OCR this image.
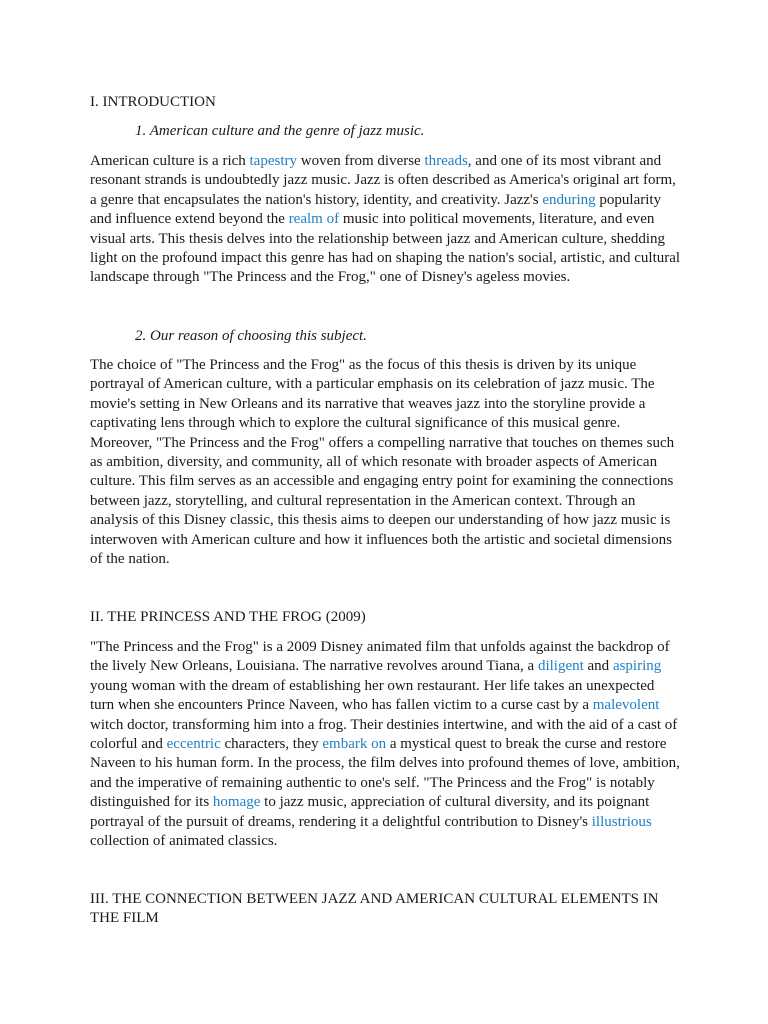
I. INTRODUCTION

1. American culture and the genre of jazz music.

American culture is a rich tapestry woven from diverse threads, and one of its most vibrant and resonant strands is undoubtedly jazz music. Jazz is often described as America's original art form, a genre that encapsulates the nation's history, identity, and creativity. Jazz's enduring popularity and influence extend beyond the realm of music into political movements, literature, and even visual arts. This thesis delves into the relationship between jazz and American culture, shedding light on the profound impact this genre has had on shaping the nation's social, artistic, and cultural landscape through "The Princess and the Frog," one of Disney's ageless movies.

2. Our reason of choosing this subject.

The choice of "The Princess and the Frog" as the focus of this thesis is driven by its unique portrayal of American culture, with a particular emphasis on its celebration of jazz music. The movie's setting in New Orleans and its narrative that weaves jazz into the storyline provide a captivating lens through which to explore the cultural significance of this musical genre. Moreover, "The Princess and the Frog" offers a compelling narrative that touches on themes such as ambition, diversity, and community, all of which resonate with broader aspects of American culture. This film serves as an accessible and engaging entry point for examining the connections between jazz, storytelling, and cultural representation in the American context. Through an analysis of this Disney classic, this thesis aims to deepen our understanding of how jazz music is interwoven with American culture and how it influences both the artistic and societal dimensions of the nation.

II. THE PRINCESS AND THE FROG (2009)

"The Princess and the Frog" is a 2009 Disney animated film that unfolds against the backdrop of the lively New Orleans, Louisiana. The narrative revolves around Tiana, a diligent and aspiring young woman with the dream of establishing her own restaurant. Her life takes an unexpected turn when she encounters Prince Naveen, who has fallen victim to a curse cast by a malevolent witch doctor, transforming him into a frog. Their destinies intertwine, and with the aid of a cast of colorful and eccentric characters, they embark on a mystical quest to break the curse and restore Naveen to his human form. In the process, the film delves into profound themes of love, ambition, and the imperative of remaining authentic to one's self. "The Princess and the Frog" is notably distinguished for its homage to jazz music, appreciation of cultural diversity, and its poignant portrayal of the pursuit of dreams, rendering it a delightful contribution to Disney's illustrious collection of animated classics.

III. THE CONNECTION BETWEEN JAZZ AND AMERICAN CULTURAL ELEMENTS IN THE FILM
